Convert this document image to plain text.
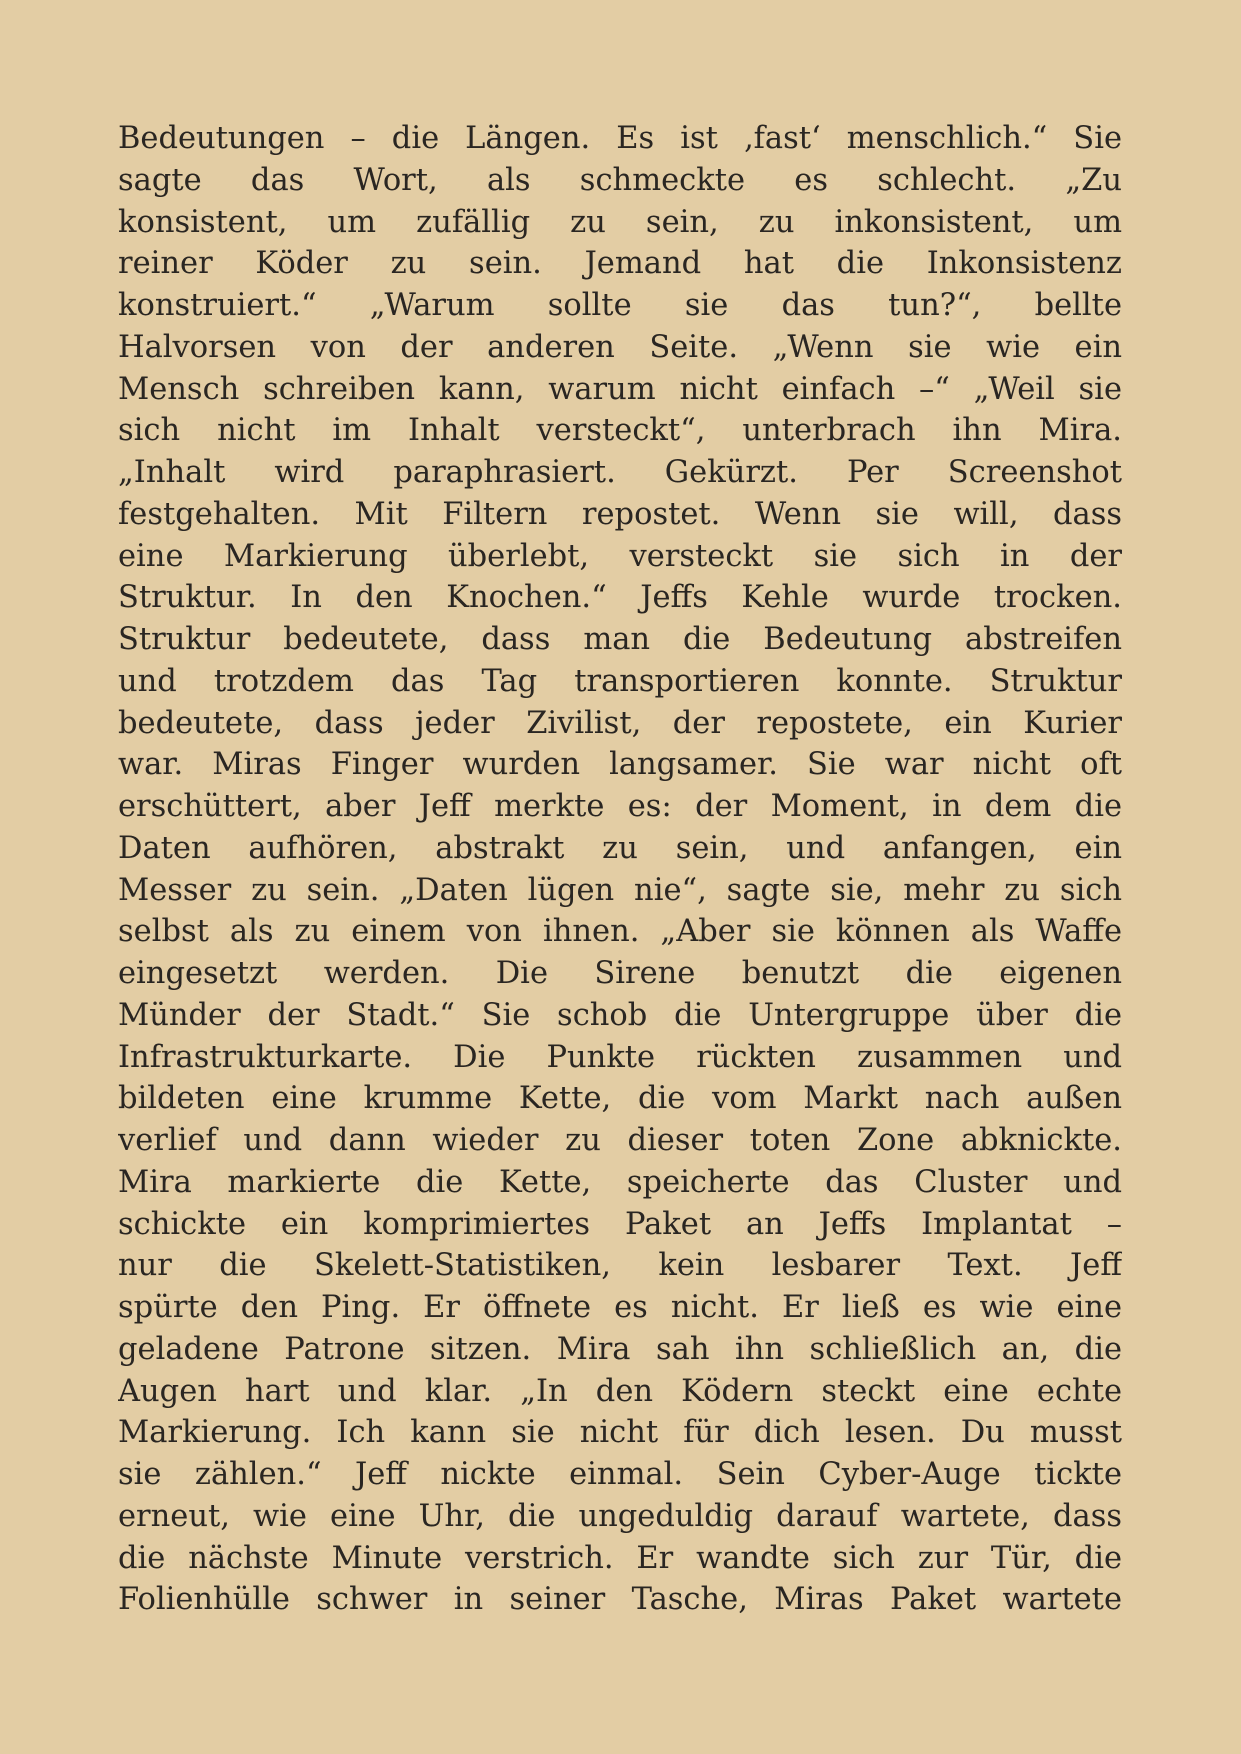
Bedeutungen – die Längen. Es ist ‚fast‘ menschlich.“ Sie
sagte das Wort, als schmeckte es schlecht. „Zu
konsistent, um zufällig zu sein, zu inkonsistent, um
reiner Köder zu sein. Jemand hat die Inkonsistenz
konstruiert.“ „Warum sollte sie das tun?“, bellte
Halvorsen von der anderen Seite. „Wenn sie wie ein
Mensch schreiben kann, warum nicht einfach –“ „Weil sie
sich nicht im Inhalt versteckt“, unterbrach ihn Mira.
„Inhalt wird paraphrasiert. Gekürzt. Per Screenshot
festgehalten. Mit Filtern repostet. Wenn sie will, dass
eine Markierung überlebt, versteckt sie sich in der
Struktur. In den Knochen.“ Jeffs Kehle wurde trocken.
Struktur bedeutete, dass man die Bedeutung abstreifen
und trotzdem das Tag transportieren konnte. Struktur
bedeutete, dass jeder Zivilist, der repostete, ein Kurier
war. Miras Finger wurden langsamer. Sie war nicht oft
erschüttert, aber Jeff merkte es: der Moment, in dem die
Daten aufhören, abstrakt zu sein, und anfangen, ein
Messer zu sein. „Daten lügen nie“, sagte sie, mehr zu sich
selbst als zu einem von ihnen. „Aber sie können als Waffe
eingesetzt werden. Die Sirene benutzt die eigenen
Münder der Stadt.“ Sie schob die Untergruppe über die
Infrastrukturkarte. Die Punkte rückten zusammen und
bildeten eine krumme Kette, die vom Markt nach außen
verlief und dann wieder zu dieser toten Zone abknickte.
Mira markierte die Kette, speicherte das Cluster und
schickte ein komprimiertes Paket an Jeffs Implantat –
nur die Skelett-Statistiken, kein lesbarer Text. Jeff
spürte den Ping. Er öffnete es nicht. Er ließ es wie eine
geladene Patrone sitzen. Mira sah ihn schließlich an, die
Augen hart und klar. „In den Ködern steckt eine echte
Markierung. Ich kann sie nicht für dich lesen. Du musst
sie zählen.“ Jeff nickte einmal. Sein Cyber-Auge tickte
erneut, wie eine Uhr, die ungeduldig darauf wartete, dass
die nächste Minute verstrich. Er wandte sich zur Tür, die
Folienhülle schwer in seiner Tasche, Miras Paket wartete
